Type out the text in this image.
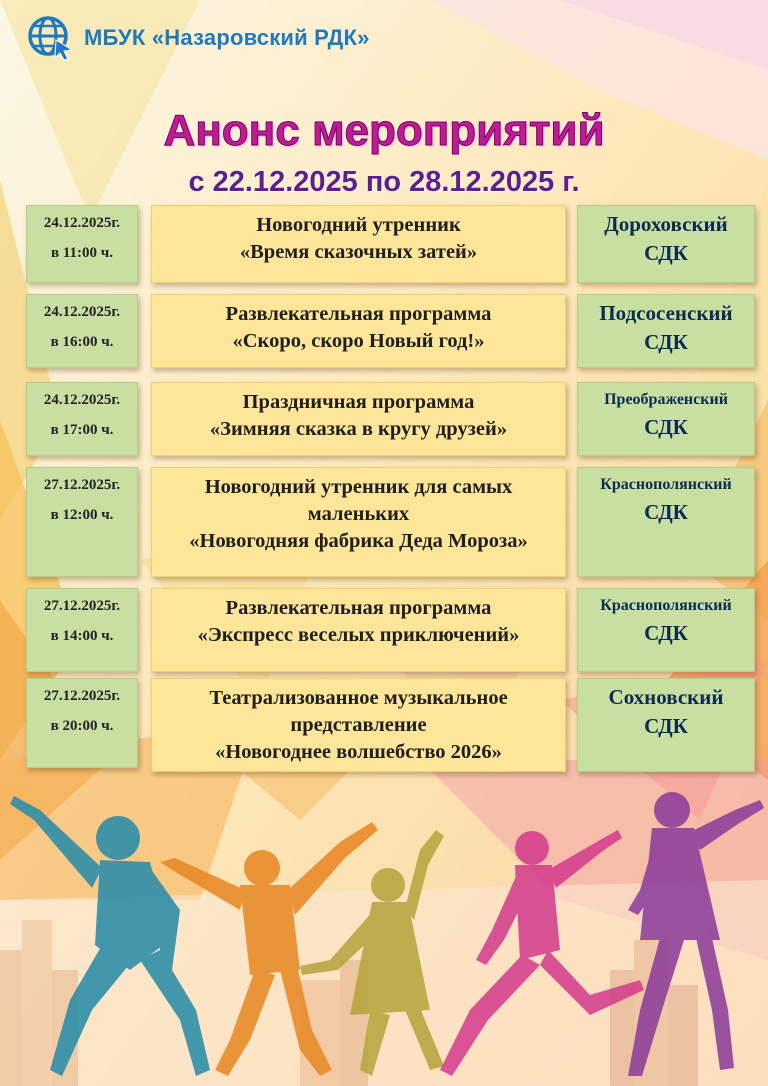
МБУК «Назаровский РДК»
Анонс мероприятий
с 22.12.2025 по 28.12.2025 г.
24.12.2025г.
в 11:00 ч.
Новогодний утренник
«Время сказочных затей»
Дороховский
СДК
24.12.2025г.
в 16:00 ч.
Развлекательная программа
«Скоро, скоро Новый год!»
Подсосенский
СДК
24.12.2025г.
в 17:00 ч.
Праздничная программа
«Зимняя сказка в кругу друзей»
Преображенский
СДК
27.12.2025г.
в 12:00 ч.
Новогодний утренник для самых
маленьких
«Новогодняя фабрика Деда Мороза»
Краснополянский
СДК
27.12.2025г.
в 14:00 ч.
Развлекательная программа
«Экспресс веселых приключений»
Краснополянский
СДК
27.12.2025г.
в 20:00 ч.
Театрализованное музыкальное
представление
«Новогоднее волшебство 2026»
Сохновский
СДК
